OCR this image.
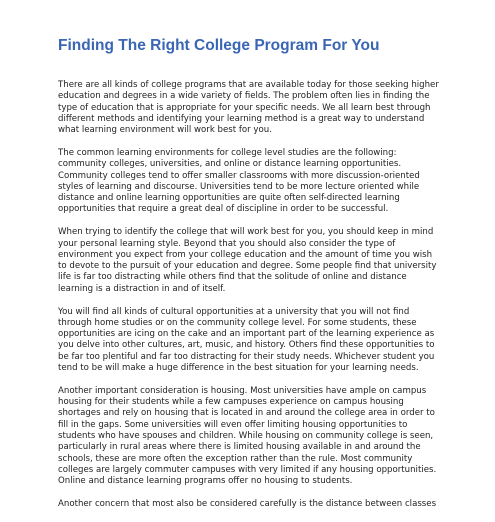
Finding The Right College Program For You

There are all kinds of college programs that are available today for those seeking higher
education and degrees in a wide variety of fields. The problem often lies in finding the
type of education that is appropriate for your specific needs. We all learn best through
different methods and identifying your learning method is a great way to understand
what learning environment will work best for you.

The common learning environments for college level studies are the following:
community colleges, universities, and online or distance learning opportunities.
Community colleges tend to offer smaller classrooms with more discussion-oriented
styles of learning and discourse. Universities tend to be more lecture oriented while
distance and online learning opportunities are quite often self-directed learning
opportunities that require a great deal of discipline in order to be successful.

When trying to identify the college that will work best for you, you should keep in mind
your personal learning style. Beyond that you should also consider the type of
environment you expect from your college education and the amount of time you wish
to devote to the pursuit of your education and degree. Some people find that university
life is far too distracting while others find that the solitude of online and distance
learning is a distraction in and of itself.

You will find all kinds of cultural opportunities at a university that you will not find
through home studies or on the community college level. For some students, these
opportunities are icing on the cake and an important part of the learning experience as
you delve into other cultures, art, music, and history. Others find these opportunities to
be far too plentiful and far too distracting for their study needs. Whichever student you
tend to be will make a huge difference in the best situation for your learning needs.

Another important consideration is housing. Most universities have ample on campus
housing for their students while a few campuses experience on campus housing
shortages and rely on housing that is located in and around the college area in order to
fill in the gaps. Some universities will even offer limiting housing opportunities to
students who have spouses and children. While housing on community college is seen,
particularly in rural areas where there is limited housing available in and around the
schools, these are more often the exception rather than the rule. Most community
colleges are largely commuter campuses with very limited if any housing opportunities.
Online and distance learning programs offer no housing to students.

Another concern that most also be considered carefully is the distance between classes
